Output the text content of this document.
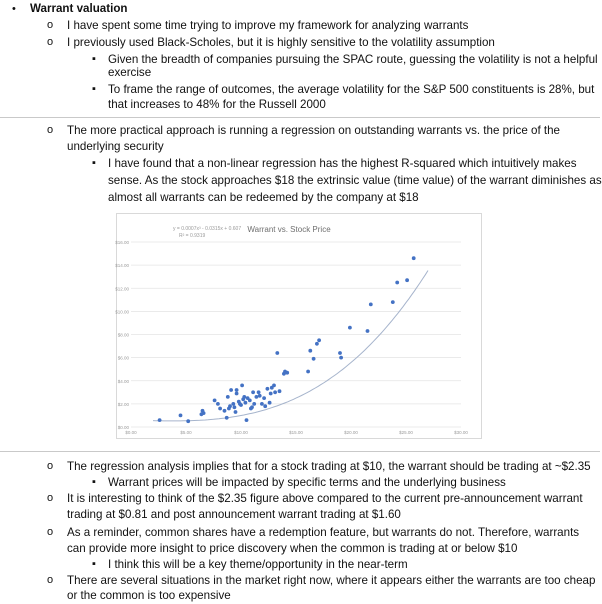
• Warrant valuation
o I have spent some time trying to improve my framework for analyzing warrants
o I previously used Black-Scholes, but it is highly sensitive to the volatility assumption
▪ Given the breadth of companies pursuing the SPAC route, guessing the volatility is not a helpful
exercise
▪ To frame the range of outcomes, the average volatility for the S&P 500 constituents is 28%, but
that increases to 48% for the Russell 2000
o The more practical approach is running a regression on outstanding warrants vs. the price of the
underlying security
▪ I have found that a non-linear regression has the highest R-squared which intuitively makes
sense. As the stock approaches $18 the extrinsic value (time value) of the warrant diminishes as
almost all warrants can be redeemed by the company at $18
$0.00
$2.00
$4.00
$6.00
$8.00
$10.00
$12.00
$14.00
$16.00
$0.00	$5.00	$10.00	$15.00	$20.00	$25.00	$30.00
y = 0.0007x³ - 0.0315x + 0.607
R² = 0.9319
Warrant vs. Stock Price
o The regression analysis implies that for a stock trading at $10, the warrant should be trading at ~$2.35
▪ Warrant prices will be impacted by specific terms and the underlying business
o It is interesting to think of the $2.35 figure above compared to the current pre-announcement warrant
trading at $0.81 and post announcement warrant trading at $1.60
o As a reminder, common shares have a redemption feature, but warrants do not. Therefore, warrants
can provide more insight to price discovery when the common is trading at or below $10
▪ I think this will be a key theme/opportunity in the near-term
o There are several situations in the market right now, where it appears either the warrants are too cheap
or the common is too expensive
